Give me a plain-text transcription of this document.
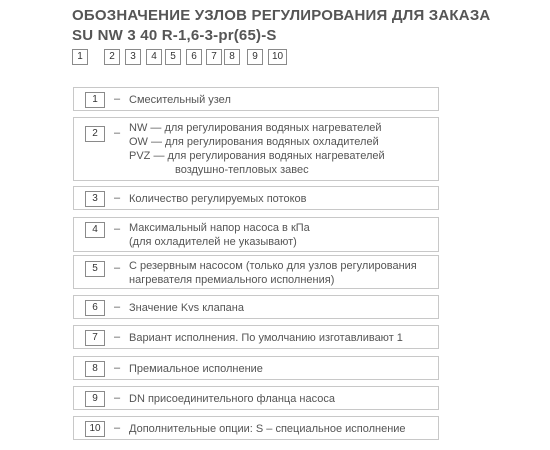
ОБОЗНАЧЕНИЕ УЗЛОВ РЕГУЛИРОВАНИЯ ДЛЯ ЗАКАЗА
SU NW 3 40 R-1,6-3-pr(65)-S
1	2	3	4	5	6	7	8	9	10
1	– Смесительный узел
2	– NW — для регулирования водяных нагревателей
OW — для регулирования водяных охладителей
PVZ — для регулирования водяных нагревателей
воздушно-тепловых завес
3	– Количество регулируемых потоков
4	– Максимальный напор насоса в кПа
(для охладителей не указывают)
5	– С резервным насосом (только для узлов регулирования
нагревателя премиального исполнения)
6	– Значение Kvs клапана
7	– Вариант исполнения. По умолчанию изготавливают 1
8	– Премиальное исполнение
9	– DN присоединительного фланца насоса
10	– Дополнительные опции: S – специальное исполнение
